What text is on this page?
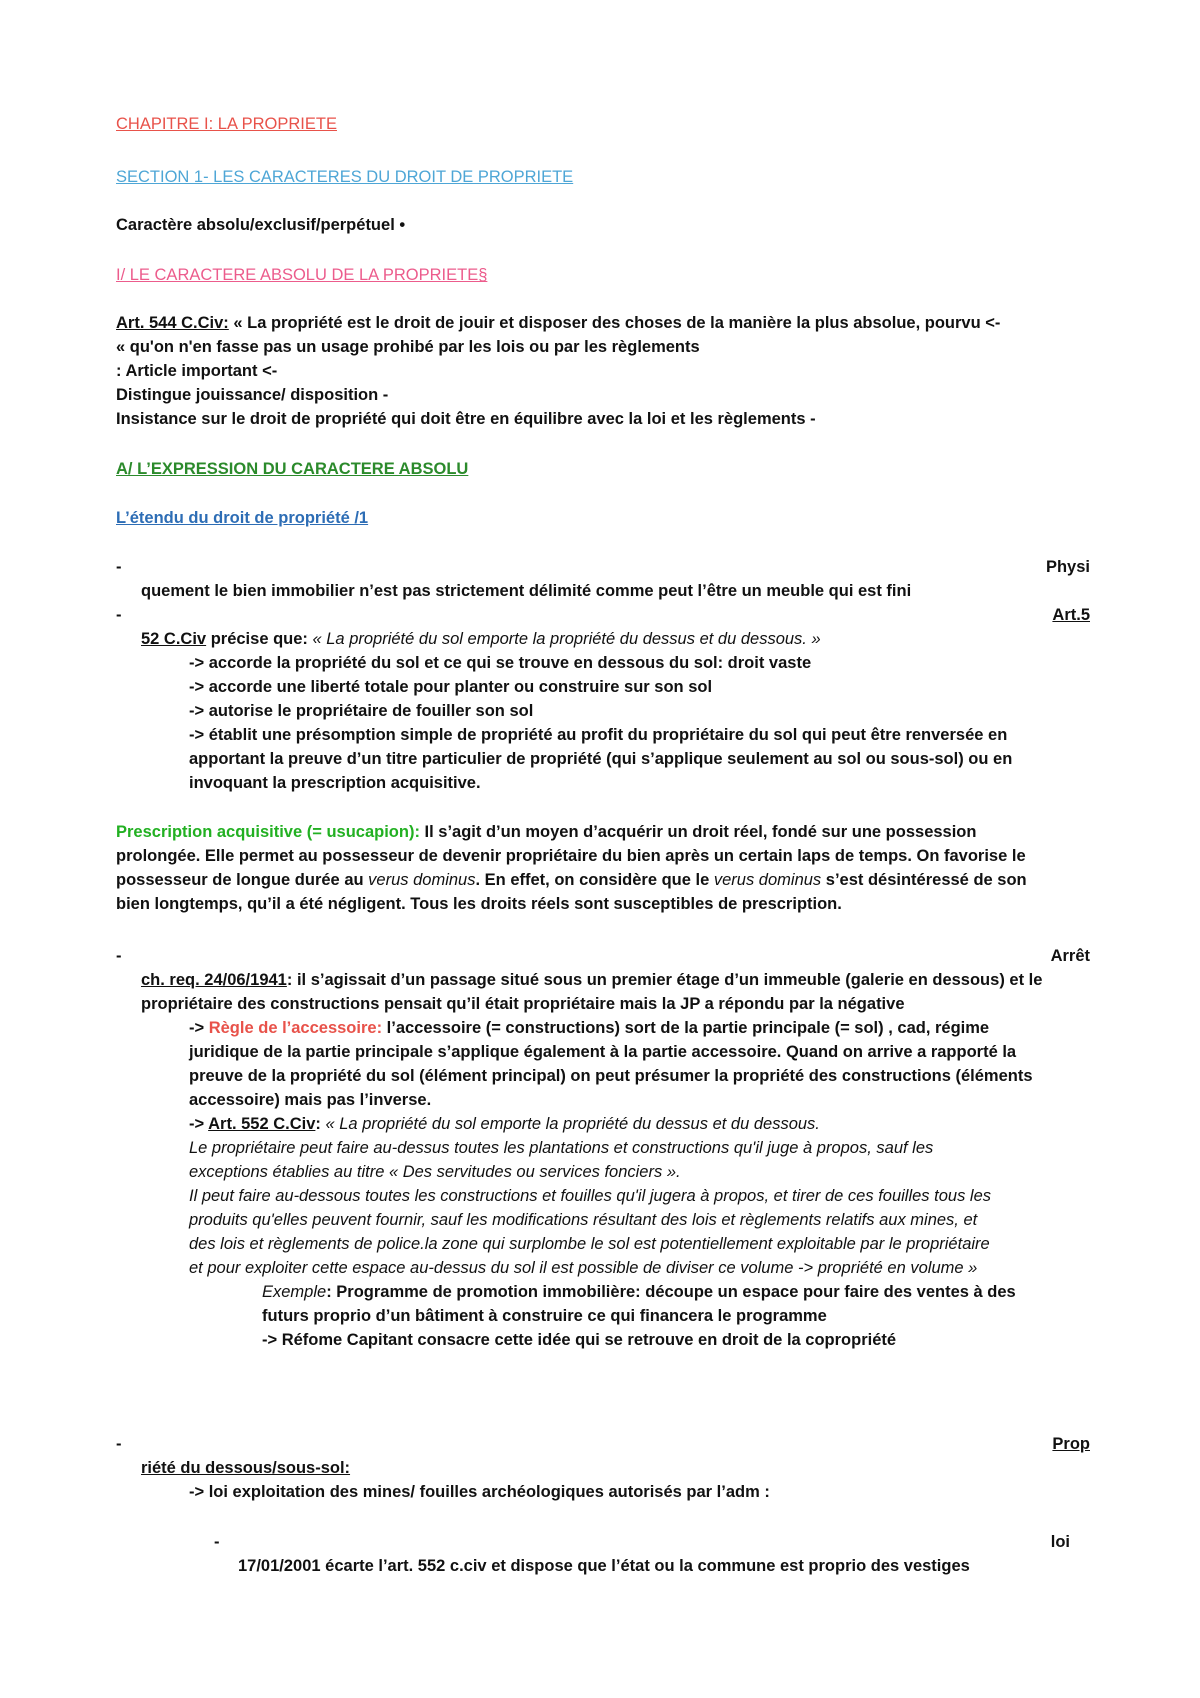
CHAPITRE I: LA PROPRIETE
SECTION 1- LES CARACTERES DU DROIT DE PROPRIETE
Caractère absolu/exclusif/perpétuel •
I/ LE CARACTERE ABSOLU DE LA PROPRIETE§
Art. 544 C.Civ: « La propriété est le droit de jouir et disposer des choses de la manière la plus absolue, pourvu <-
« qu'on n'en fasse pas un usage prohibé par les lois ou par les règlements
: Article important <-
Distingue jouissance/ disposition -
Insistance sur le droit de propriété qui doit être en équilibre avec la loi et les règlements -
A/ L’EXPRESSION DU CARACTERE ABSOLU
L’étendu du droit de propriété /1
-	Physi
quement le bien immobilier n’est pas strictement délimité comme peut l’être un meuble qui est fini
-	Art.5
52 C.Civ précise que: « La propriété du sol emporte la propriété du dessus et du dessous. »
-> accorde la propriété du sol et ce qui se trouve en dessous du sol: droit vaste
-> accorde une liberté totale pour planter ou construire sur son sol
-> autorise le propriétaire de fouiller son sol
-> établit une présomption simple de propriété au profit du propriétaire du sol qui peut être renversée en
apportant la preuve d’un titre particulier de propriété (qui s’applique seulement au sol ou sous-sol) ou en
invoquant la prescription acquisitive.
Prescription acquisitive (= usucapion): Il s’agit d’un moyen d’acquérir un droit réel, fondé sur une possession
prolongée. Elle permet au possesseur de devenir propriétaire du bien après un certain laps de temps. On favorise le
possesseur de longue durée au verus dominus. En effet, on considère que le verus dominus s’est désintéressé de son
bien longtemps, qu’il a été négligent. Tous les droits réels sont susceptibles de prescription.
-	Arrêt
ch. req. 24/06/1941: il s’agissait d’un passage situé sous un premier étage d’un immeuble (galerie en dessous) et le
propriétaire des constructions pensait qu’il était propriétaire mais la JP a répondu par la négative
-> Règle de l’accessoire: l’accessoire (= constructions) sort de la partie principale (= sol) , cad, régime
juridique de la partie principale s’applique également à la partie accessoire. Quand on arrive a rapporté la
preuve de la propriété du sol (élément principal) on peut présumer la propriété des constructions (éléments
accessoire) mais pas l’inverse.
-> Art. 552 C.Civ: « La propriété du sol emporte la propriété du dessus et du dessous.
Le propriétaire peut faire au-dessus toutes les plantations et constructions qu'il juge à propos, sauf les
exceptions établies au titre « Des servitudes ou services fonciers ».
Il peut faire au-dessous toutes les constructions et fouilles qu'il jugera à propos, et tirer de ces fouilles tous les
produits qu'elles peuvent fournir, sauf les modifications résultant des lois et règlements relatifs aux mines, et
des lois et règlements de police.la zone qui surplombe le sol est potentiellement exploitable par le propriétaire
et pour exploiter cette espace au-dessus du sol il est possible de diviser ce volume -> propriété en volume »
Exemple: Programme de promotion immobilière: découpe un espace pour faire des ventes à des
futurs proprio d’un bâtiment à construire ce qui financera le programme
-> Réfome Capitant consacre cette idée qui se retrouve en droit de la copropriété
-	Prop
riété du dessous/sous-sol:
-> loi exploitation des mines/ fouilles archéologiques autorisés par l’adm :
-	loi
17/01/2001 écarte l’art. 552 c.civ et dispose que l’état ou la commune est proprio des vestiges
